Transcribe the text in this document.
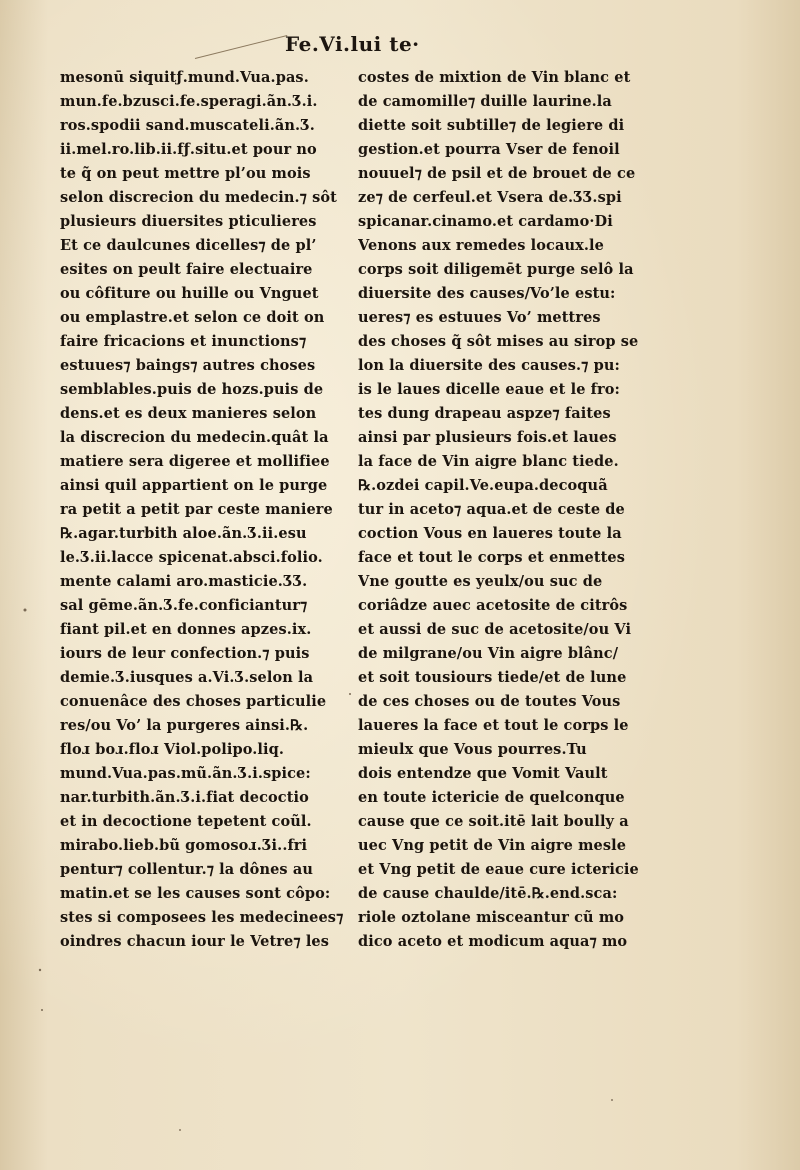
Fe.Vi.lui te·
mesonū siquitƒ.mund.Vua.pas.
mun.fe.bzusci.fe.speragi.ãn.Ʒ.i.
ros.spodii sand.muscateli.ãn.Ʒ.
ii.mel.ro.lib.ii.fƒ.situ.et pour no
te q̃ on peut mettre pl’ou mois
selon discrecion du medecin.⁊ sôt
plusieurs diuersites pticulieres
Et ce daulcunes dicelles⁊ de pl’
esites on peult faire electuaire
ou côfiture ou huille ou Vnguet
ou emplastre.et selon ce doit on
faire fricacions et inunctions⁊
estuues⁊ baings⁊ autres choses
semblables.puis de hozs.puis de
dens.et es deux manieres selon
la discrecion du medecin.quât la
matiere sera digeree et mollifiee
ainsi quil appartient on le purge
ra petit a petit par ceste maniere
℞.agar.turbith aloe.ãn.Ʒ.ii.esu
le.Ʒ.ii.lacce spicenat.absci.folio.
mente calami aro.masticie.ƷƷ.
sal gēme.ãn.Ʒ.fe.conficiantur⁊
fiant pil.et en donnes apzes.ix.
iours de leur confection.⁊ puis
demie.Ʒ.iusques a.Vi.Ʒ.selon la
conuenâce des choses particulie
res/ou Vo’ la purgeres ainsi.℞.
floɹ boɹ.floɹ Viol.polipo.liq.
mund.Vua.pas.mũ.ãn.Ʒ.i.spice:
nar.turbith.ãn.Ʒ.i.fiat decoctio
et in decoctione tepetent coũl.
mirabo.lieb.bũ gomosoɹ.Ʒi..fri
pentur⁊ collentur.⁊ la dônes au
matin.et se les causes sont côpo:
stes si composees les medecinees⁊
oindres chacun iour le Vetre⁊ les
costes de mixtion de Vin blanc et
de camomille⁊ duille laurine.la
diette soit subtille⁊ de legiere di
gestion.et pourra Vser de fenoil
nouuel⁊ de psil et de brouet de ce
ze⁊ de cerfeul.et Vsera de.ƷƷ.spi
spicanar.cinamo.et cardamo·Di
Venons aux remedes locaux.le
corps soit diligemēt purge selô la
diuersite des causes/Vo’le estu:
ueres⁊ es estuues Vo’ mettres
des choses q̃ sôt mises au sirop se
lon la diuersite des causes.⁊ pu:
is le laues dicelle eaue et le fro:
tes dung drapeau aspze⁊ faites
ainsi par plusieurs fois.et laues
la face de Vin aigre blanc tiede.
℞.ozdei capil.Ve.eupa.decoquã
tur in aceto⁊ aqua.et de ceste de
coction Vous en laueres toute la
face et tout le corps et enmettes
Vne goutte es yeulx/ou suc de
coriâdze auec acetosite de citrôs
et aussi de suc de acetosite/ou Vi
de milgrane/ou Vin aigre blânc/
et soit tousiours tiede/et de lune
de ces choses ou de toutes Vous
laueres la face et tout le corps le
mieulx que Vous pourres.Tu
dois entendze que Vomit Vault
en toute ictericie de quelconque
cause que ce soit.itē lait boully a
uec Vng petit de Vin aigre mesle
et Vng petit de eaue cure ictericie
de cause chaulde/itē.℞.end.sca:
riole oztolane misceantur cũ mo
dico aceto et modicum aqua⁊ mo
